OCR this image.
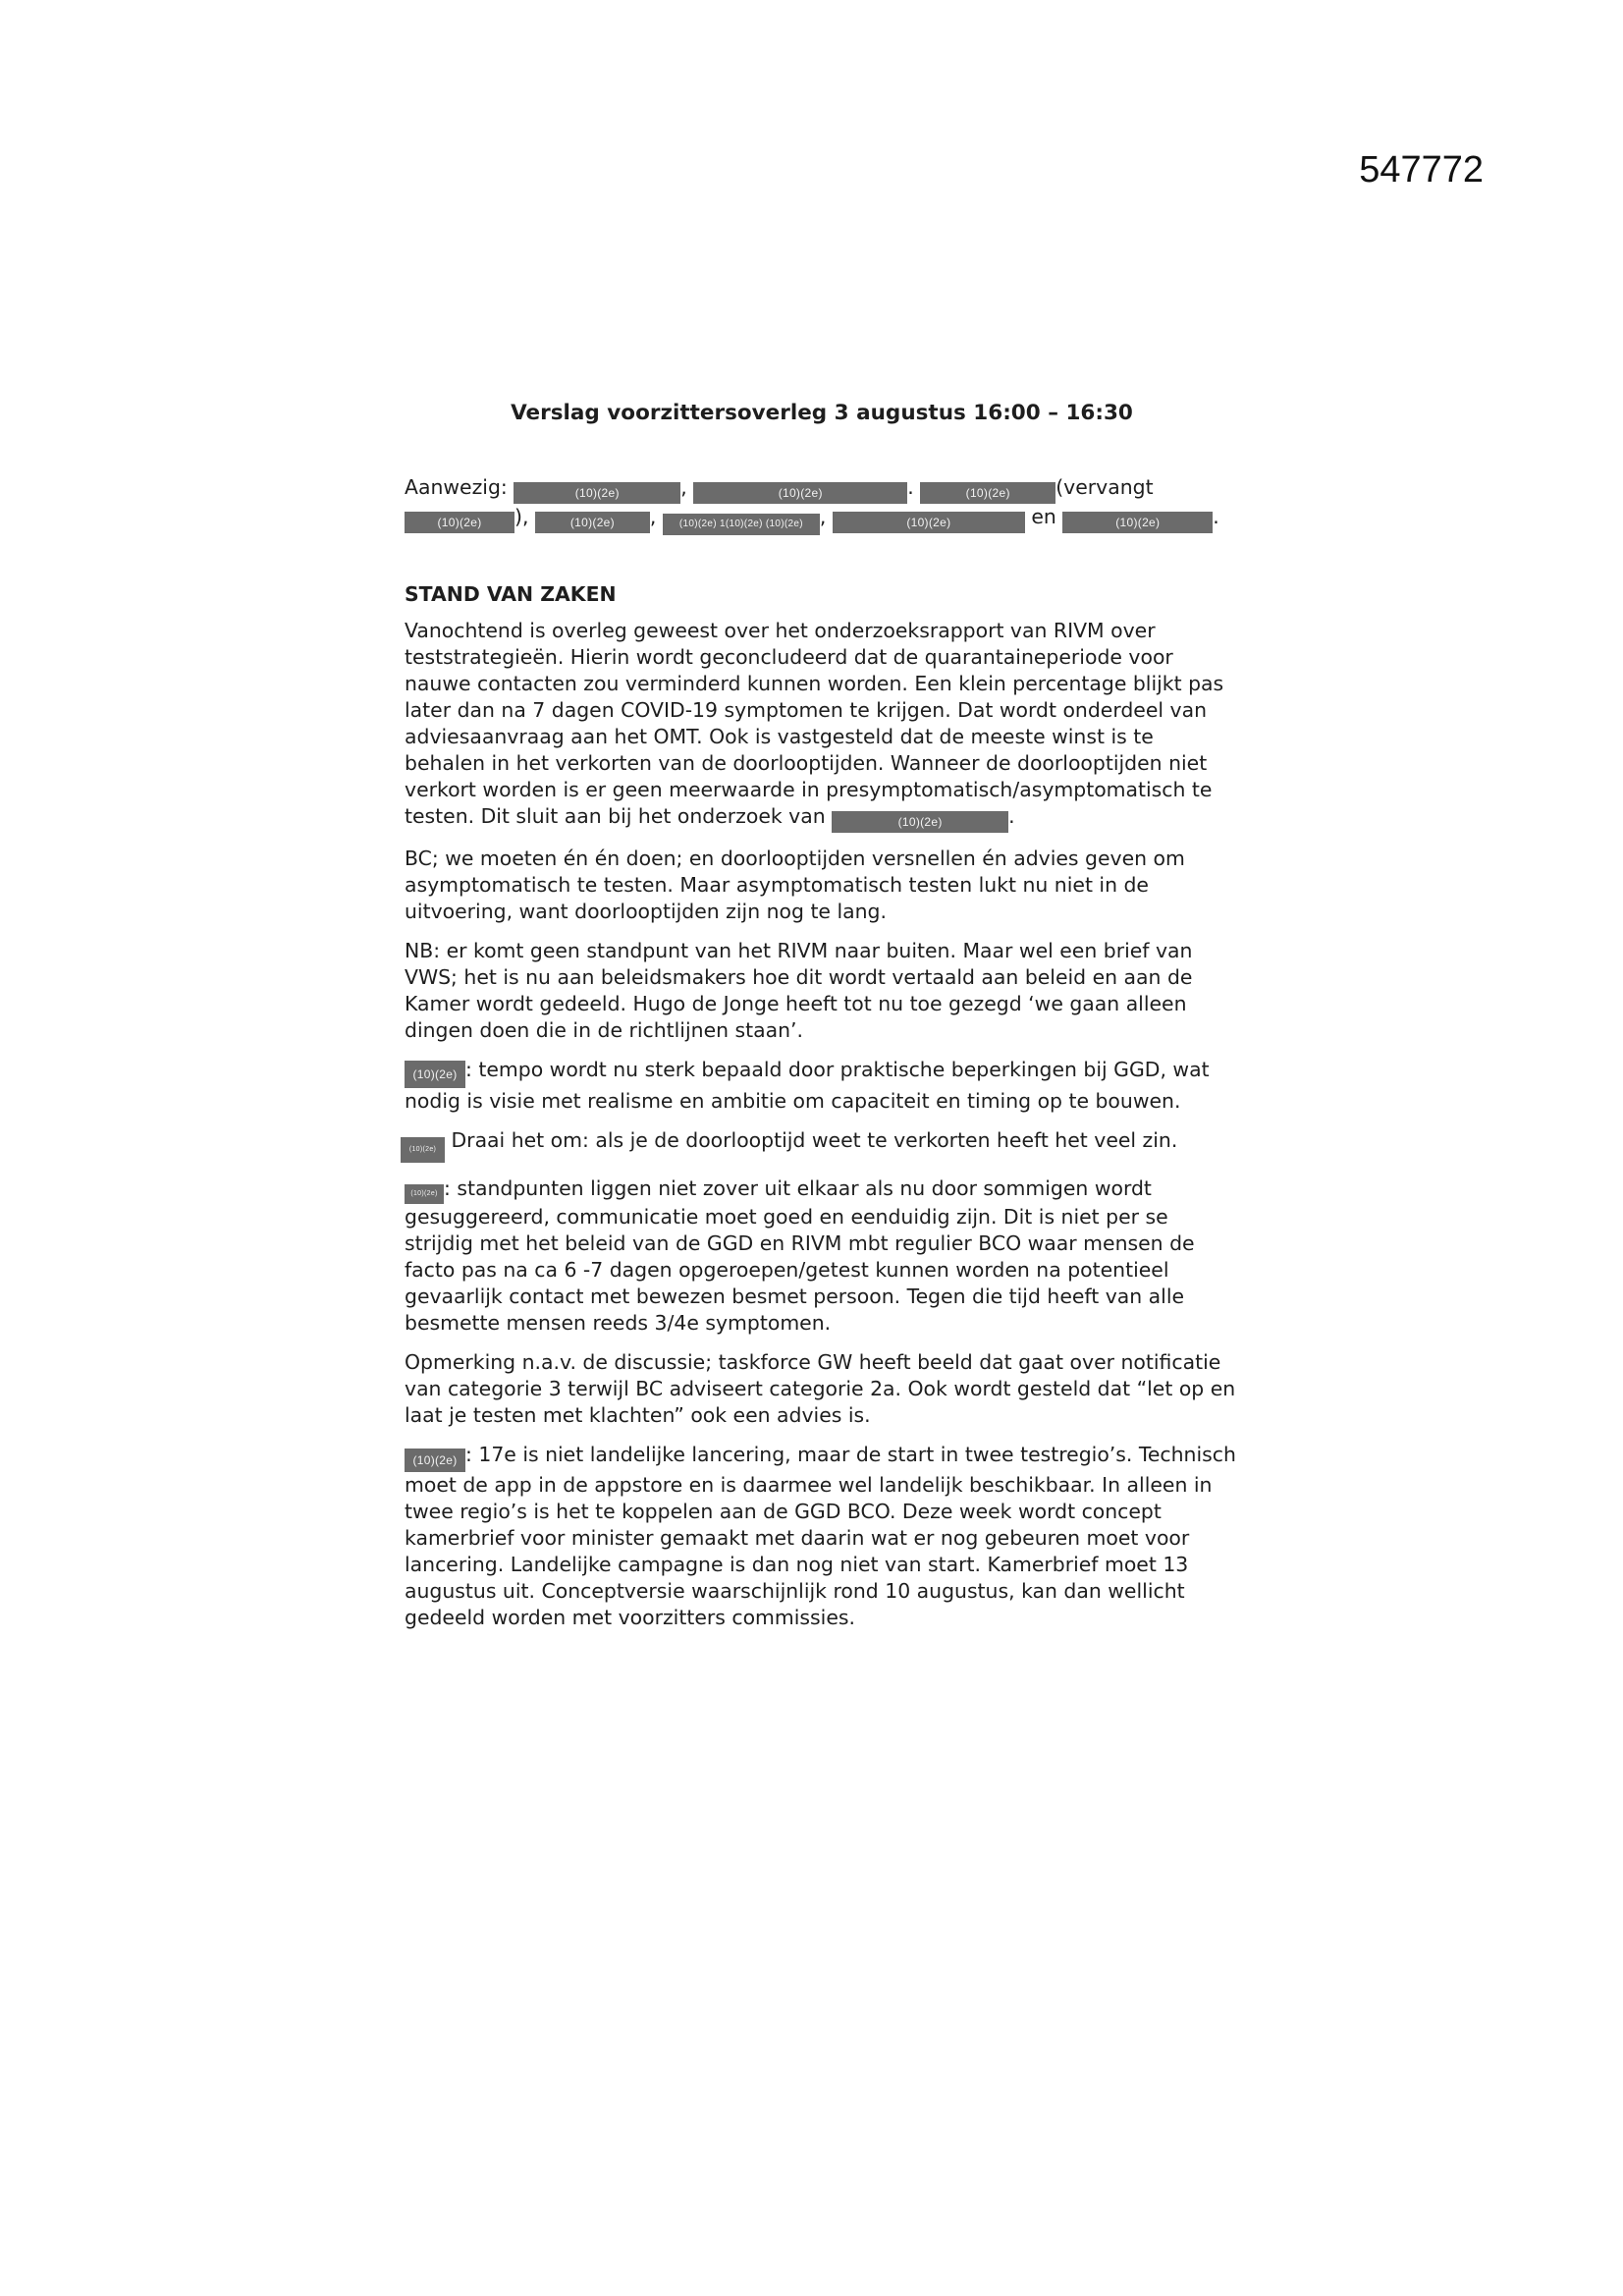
547772
Verslag voorzittersoverleg 3 augustus 16:00 – 16:30

Aanwezig:	(10)(2e)	,	(10)(2e)	.	(10)(2e) (vervangt (10)(2e) ),	(10)(2e) , (10)(2e) 1(10)(2e) (10)(2e) ,	(10)(2e)	en	(10)(2e)	.

STAND VAN ZAKEN

Vanochtend is overleg geweest over het onderzoeksrapport van RIVM over teststrategieën. Hierin wordt geconcludeerd dat de quarantaineperiode voor nauwe contacten zou verminderd kunnen worden. Een klein percentage blijkt pas later dan na 7 dagen COVID-19 symptomen te krijgen. Dat wordt onderdeel van adviesaanvraag aan het OMT. Ook is vastgesteld dat de meeste winst is te behalen in het verkorten van de doorlooptijden. Wanneer de doorlooptijden niet verkort worden is er geen meerwaarde in presymptomatisch/asymptomatisch te testen. Dit sluit aan bij het onderzoek van	(10)(2e)	.

BC; we moeten én én doen; en doorlooptijden versnellen én advies geven om asymptomatisch te testen. Maar asymptomatisch testen lukt nu niet in de uitvoering, want doorlooptijden zijn nog te lang.

NB: er komt geen standpunt van het RIVM naar buiten. Maar wel een brief van VWS; het is nu aan beleidsmakers hoe dit wordt vertaald aan beleid en aan de Kamer wordt gedeeld. Hugo de Jonge heeft tot nu toe gezegd ‘we gaan alleen dingen doen die in de richtlijnen staan’.

(10)(2e) : tempo wordt nu sterk bepaald door praktische beperkingen bij GGD, wat nodig is visie met realisme en ambitie om capaciteit en timing op te bouwen.

(10)(2e) Draai het om: als je de doorlooptijd weet te verkorten heeft het veel zin.

(10)(2e) : standpunten liggen niet zover uit elkaar als nu door sommigen wordt gesuggereerd, communicatie moet goed en eenduidig zijn. Dit is niet per se strijdig met het beleid van de GGD en RIVM mbt regulier BCO waar mensen de facto pas na ca 6 -7 dagen opgeroepen/getest kunnen worden na potentieel gevaarlijk contact met bewezen besmet persoon. Tegen die tijd heeft van alle besmette mensen reeds 3/4e symptomen.

Opmerking n.a.v. de discussie; taskforce GW heeft beeld dat gaat over notificatie van categorie 3 terwijl BC adviseert categorie 2a. Ook wordt gesteld dat “let op en laat je testen met klachten” ook een advies is.

(10)(2e) : 17e is niet landelijke lancering, maar de start in twee testregio’s. Technisch moet de app in de appstore en is daarmee wel landelijk beschikbaar. In alleen in twee regio’s is het te koppelen aan de GGD BCO. Deze week wordt concept kamerbrief voor minister gemaakt met daarin wat er nog gebeuren moet voor lancering. Landelijke campagne is dan nog niet van start. Kamerbrief moet 13 augustus uit. Conceptversie waarschijnlijk rond 10 augustus, kan dan wellicht gedeeld worden met voorzitters commissies.
